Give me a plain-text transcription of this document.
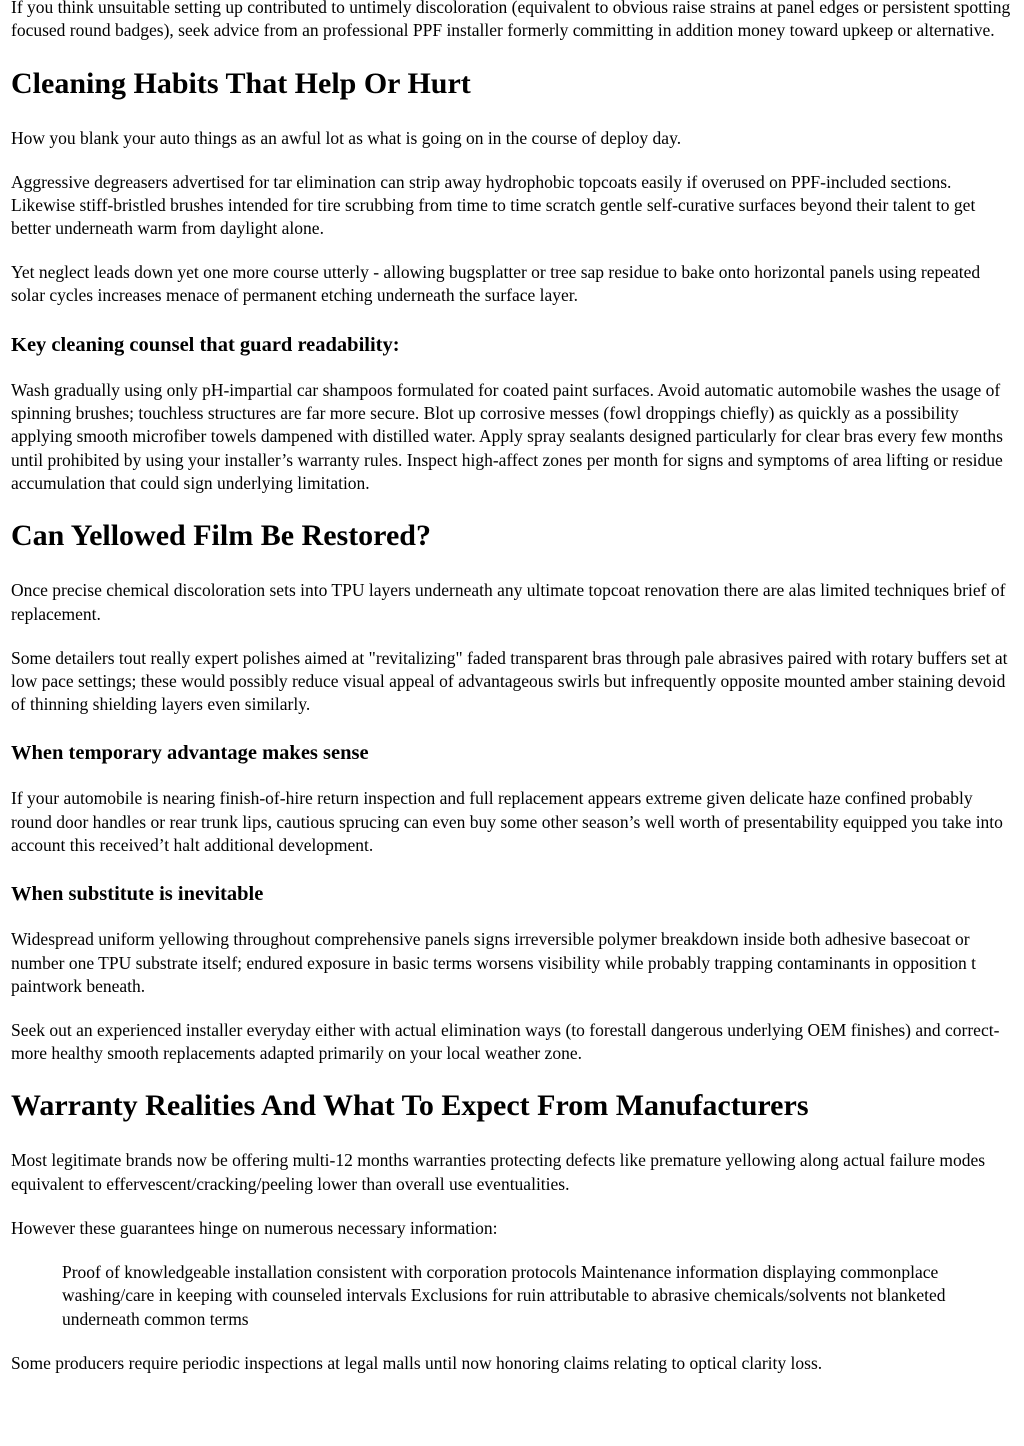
If you think unsuitable setting up contributed to untimely discoloration (equivalent to obvious raise strains at panel edges or persistent spotting focused round badges), seek advice from an professional PPF installer formerly committing in addition money toward upkeep or alternative.

Cleaning Habits That Help Or Hurt

How you blank your auto things as an awful lot as what is going on in the course of deploy day.

Aggressive degreasers advertised for tar elimination can strip away hydrophobic topcoats easily if overused on PPF-included sections. Likewise stiff-bristled brushes intended for tire scrubbing from time to time scratch gentle self-curative surfaces beyond their talent to get better underneath warm from daylight alone.

Yet neglect leads down yet one more course utterly - allowing bugsplatter or tree sap residue to bake onto horizontal panels using repeated solar cycles increases menace of permanent etching underneath the surface layer.

Key cleaning counsel that guard readability:

Wash gradually using only pH-impartial car shampoos formulated for coated paint surfaces. Avoid automatic automobile washes the usage of spinning brushes; touchless structures are far more secure. Blot up corrosive messes (fowl droppings chiefly) as quickly as a possibility applying smooth microfiber towels dampened with distilled water. Apply spray sealants designed particularly for clear bras every few months until prohibited by using your installer’s warranty rules. Inspect high-affect zones per month for signs and symptoms of area lifting or residue accumulation that could sign underlying limitation.

Can Yellowed Film Be Restored?

Once precise chemical discoloration sets into TPU layers underneath any ultimate topcoat renovation there are alas limited techniques brief of replacement.

Some detailers tout really expert polishes aimed at "revitalizing" faded transparent bras through pale abrasives paired with rotary buffers set at low pace settings; these would possibly reduce visual appeal of advantageous swirls but infrequently opposite mounted amber staining devoid of thinning shielding layers even similarly.

When temporary advantage makes sense

If your automobile is nearing finish-of-hire return inspection and full replacement appears extreme given delicate haze confined probably round door handles or rear trunk lips, cautious sprucing can even buy some other season’s well worth of presentability equipped you take into account this received’t halt additional development.

When substitute is inevitable

Widespread uniform yellowing throughout comprehensive panels signs irreversible polymer breakdown inside both adhesive basecoat or number one TPU substrate itself; endured exposure in basic terms worsens visibility while probably trapping contaminants in opposition t paintwork beneath.

Seek out an experienced installer everyday either with actual elimination ways (to forestall dangerous underlying OEM finishes) and correct-more healthy smooth replacements adapted primarily on your local weather zone.

Warranty Realities And What To Expect From Manufacturers

Most legitimate brands now be offering multi-12 months warranties protecting defects like premature yellowing along actual failure modes equivalent to effervescent/cracking/peeling lower than overall use eventualities.

However these guarantees hinge on numerous necessary information:

Proof of knowledgeable installation consistent with corporation protocols Maintenance information displaying commonplace washing/care in keeping with counseled intervals Exclusions for ruin attributable to abrasive chemicals/solvents not blanketed underneath common terms

Some producers require periodic inspections at legal malls until now honoring claims relating to optical clarity loss.
